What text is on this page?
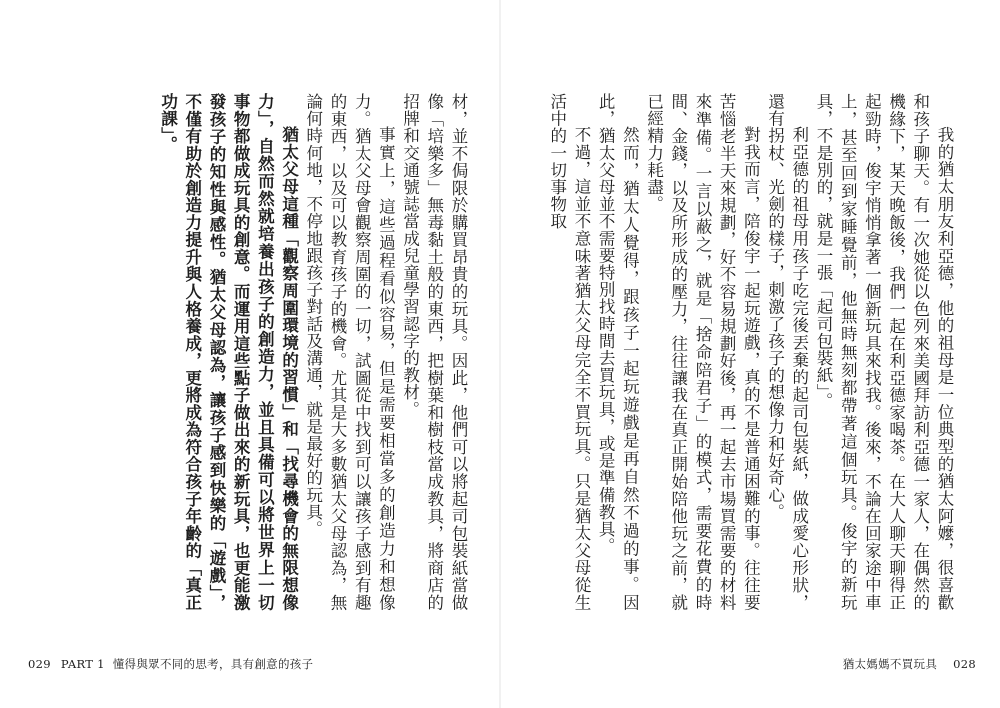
材，並不侷限於購買昂貴的玩具。因此，他們可以將起司包裝紙當做像「培樂多」無毒黏土般的東西，把樹葉和樹枝當成教具，將商店的招牌和交通號誌當成兒童學習認字的教材。

事實上，這些過程看似容易，但是需要相當多的創造力和想像力。猶太父母會觀察周圍的一切，試圖從中找到可以讓孩子感到有趣的東西，以及可以教育孩子的機會。尤其是大多數猶太父母認為，無論何時何地，不停地跟孩子對話及溝通，就是最好的玩具。

猶太父母這種「觀察周圍環境的習慣」和「找尋機會的無限想像力」，自然而然就培養出孩子的創造力，並且具備可以將世界上一切事物都做成玩具的創意。而運用這些點子做出來的新玩具，也更能激發孩子的知性與感性。猶太父母認為，讓孩子感到快樂的「遊戲」，不僅有助於創造力提升與人格養成，更將成為符合孩子年齡的「真正功課」。

029 PART 1 懂得與眾不同的思考，具有創意的孩子

我的猶太朋友利亞德，他的祖母是一位典型的猶太阿嬤，很喜歡和孩子聊天。有一次她從以色列來美國拜訪利亞德一家人，在偶然的機緣下，某天晚飯後，我們一起在利亞德家喝茶。在大人聊天聊得正起勁時，俊宇悄悄拿著一個新玩具來找我。後來，不論在回家途中車上，甚至回到家睡覺前，他無時無刻都帶著這個玩具。俊宇的新玩具，不是別的，就是一張「起司包裝紙」。

利亞德的祖母用孩子吃完後丟棄的起司包裝紙，做成愛心形狀，還有拐杖、光劍的樣子，刺激了孩子的想像力和好奇心。

對我而言，陪俊宇一起玩遊戲，真的不是普通困難的事。往往要苦惱老半天來規劃，好不容易規劃好後，再一起去市場買需要的材料來準備。一言以蔽之，就是「捨命陪君子」的模式，需要花費的時間、金錢，以及所形成的壓力，往往讓我在真正開始陪他玩之前，就已經精力耗盡。

然而，猶太人覺得，跟孩子一起玩遊戲是再自然不過的事。因此，猶太父母並不需要特別找時間去買玩具，或是準備教具。

不過，這並不意味著猶太父母完全不買玩具。只是猶太父母從生活中的一切事物取

猶太媽媽不買玩具 028
